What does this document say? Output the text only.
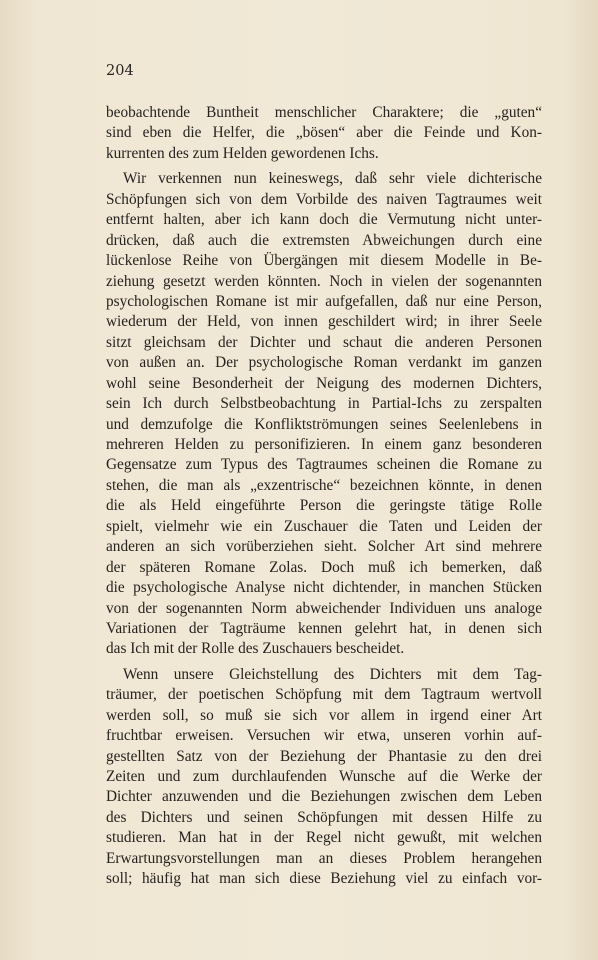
204
beobachtende Buntheit menschlicher Charaktere; die „guten“
sind eben die Helfer, die „bösen“ aber die Feinde und Kon-
kurrenten des zum Helden gewordenen Ichs.
Wir verkennen nun keineswegs, daß sehr viele dichterische
Schöpfungen sich von dem Vorbilde des naiven Tagtraumes weit
entfernt halten, aber ich kann doch die Vermutung nicht unter-
drücken, daß auch die extremsten Abweichungen durch eine
lückenlose Reihe von Übergängen mit diesem Modelle in Be-
ziehung gesetzt werden könnten. Noch in vielen der sogenannten
psychologischen Romane ist mir aufgefallen, daß nur eine Person,
wiederum der Held, von innen geschildert wird; in ihrer Seele
sitzt gleichsam der Dichter und schaut die anderen Personen
von außen an. Der psychologische Roman verdankt im ganzen
wohl seine Besonderheit der Neigung des modernen Dichters,
sein Ich durch Selbstbeobachtung in Partial-Ichs zu zerspalten
und demzufolge die Konfliktströmungen seines Seelenlebens in
mehreren Helden zu personifizieren. In einem ganz besonderen
Gegensatze zum Typus des Tagtraumes scheinen die Romane zu
stehen, die man als „exzentrische“ bezeichnen könnte, in denen
die als Held eingeführte Person die geringste tätige Rolle
spielt, vielmehr wie ein Zuschauer die Taten und Leiden der
anderen an sich vorüberziehen sieht. Solcher Art sind mehrere
der späteren Romane Zolas. Doch muß ich bemerken, daß
die psychologische Analyse nicht dichtender, in manchen Stücken
von der sogenannten Norm abweichender Individuen uns analoge
Variationen der Tagträume kennen gelehrt hat, in denen sich
das Ich mit der Rolle des Zuschauers bescheidet.
Wenn unsere Gleichstellung des Dichters mit dem Tag-
träumer, der poetischen Schöpfung mit dem Tagtraum wertvoll
werden soll, so muß sie sich vor allem in irgend einer Art
fruchtbar erweisen. Versuchen wir etwa, unseren vorhin auf-
gestellten Satz von der Beziehung der Phantasie zu den drei
Zeiten und zum durchlaufenden Wunsche auf die Werke der
Dichter anzuwenden und die Beziehungen zwischen dem Leben
des Dichters und seinen Schöpfungen mit dessen Hilfe zu
studieren. Man hat in der Regel nicht gewußt, mit welchen
Erwartungsvorstellungen man an dieses Problem herangehen
soll; häufig hat man sich diese Beziehung viel zu einfach vor-
